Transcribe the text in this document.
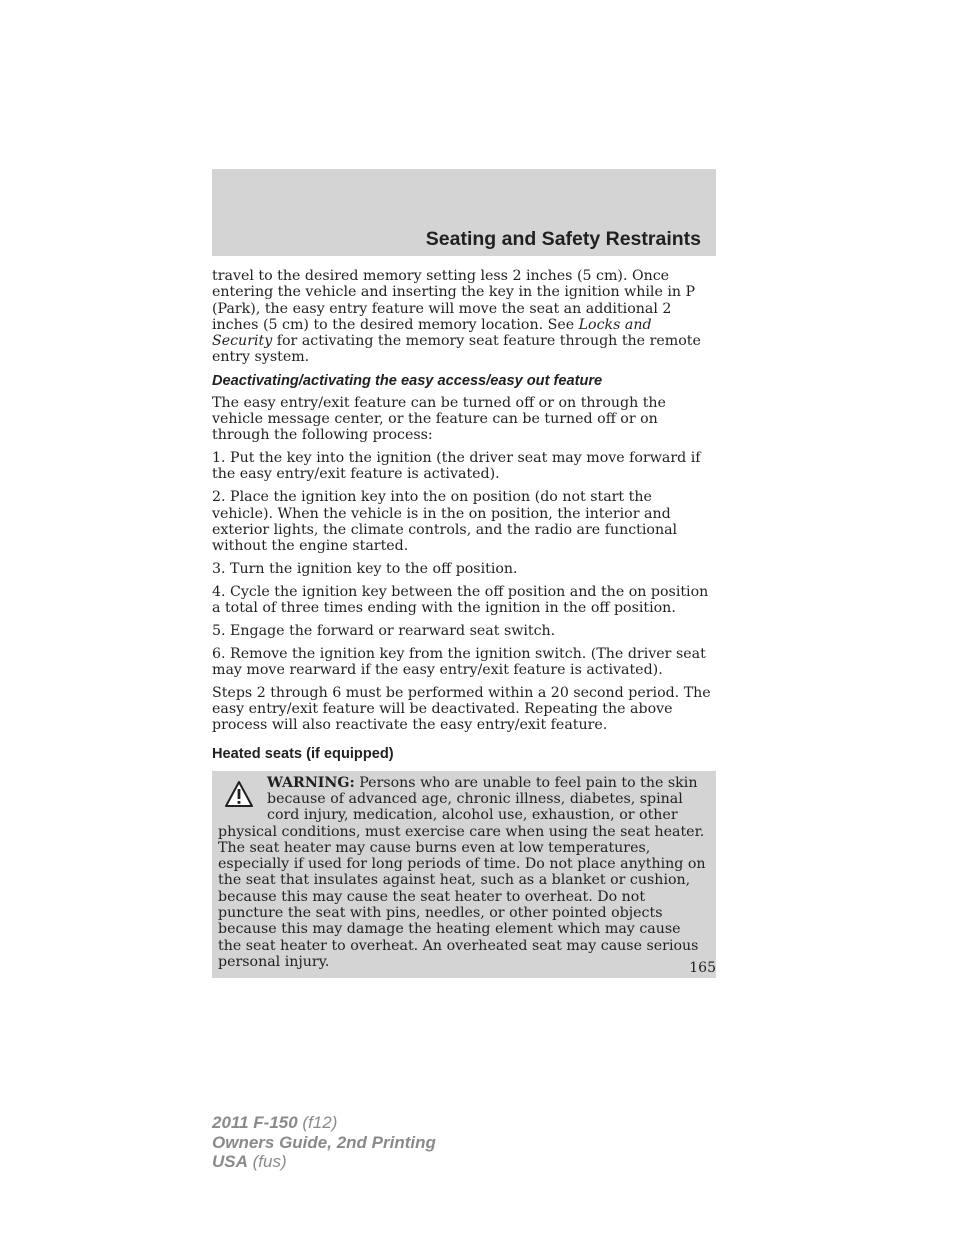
Seating and Safety Restraints

travel to the desired memory setting less 2 inches (5 cm). Once entering the vehicle and inserting the key in the ignition while in P (Park), the easy entry feature will move the seat an additional 2 inches (5 cm) to the desired memory location. See Locks and Security for activating the memory seat feature through the remote entry system.

Deactivating/activating the easy access/easy out feature

The easy entry/exit feature can be turned off or on through the vehicle message center, or the feature can be turned off or on through the following process:

1. Put the key into the ignition (the driver seat may move forward if the easy entry/exit feature is activated).

2. Place the ignition key into the on position (do not start the vehicle). When the vehicle is in the on position, the interior and exterior lights, the climate controls, and the radio are functional without the engine started.

3. Turn the ignition key to the off position.

4. Cycle the ignition key between the off position and the on position a total of three times ending with the ignition in the off position.

5. Engage the forward or rearward seat switch.

6. Remove the ignition key from the ignition switch. (The driver seat may move rearward if the easy entry/exit feature is activated).

Steps 2 through 6 must be performed within a 20 second period. The easy entry/exit feature will be deactivated. Repeating the above process will also reactivate the easy entry/exit feature.

Heated seats (if equipped)

WARNING: Persons who are unable to feel pain to the skin because of advanced age, chronic illness, diabetes, spinal cord injury, medication, alcohol use, exhaustion, or other physical conditions, must exercise care when using the seat heater. The seat heater may cause burns even at low temperatures, especially if used for long periods of time. Do not place anything on the seat that insulates against heat, such as a blanket or cushion, because this may cause the seat heater to overheat. Do not puncture the seat with pins, needles, or other pointed objects because this may damage the heating element which may cause the seat heater to overheat. An overheated seat may cause serious personal injury.	165
2011 F-150 (f12)
Owners Guide, 2nd Printing
USA (fus)
